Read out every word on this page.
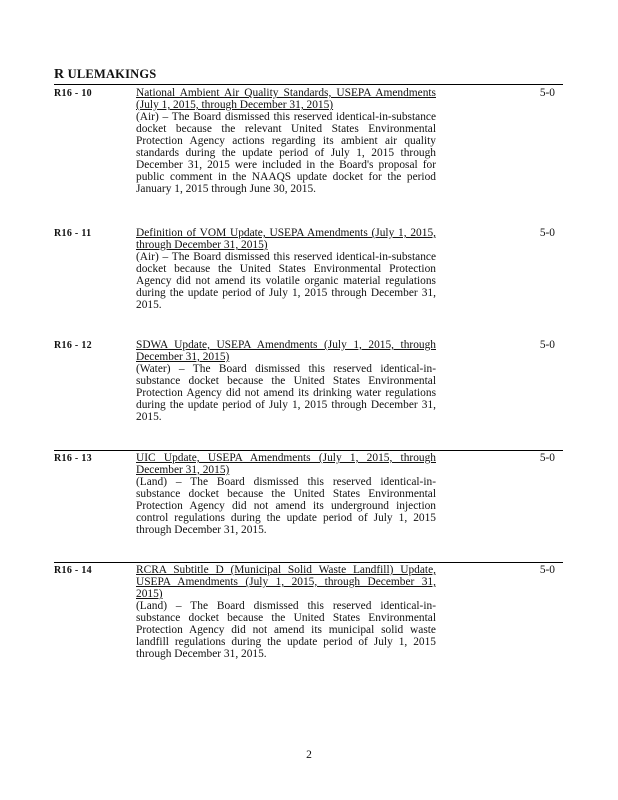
R ULEMAKINGS
R16 - 10	National Ambient Air Quality Standards, USEPA Amendments
(July 1, 2015, through December 31, 2015)
(Air) – The Board dismissed this reserved identical-in-substance
docket because the relevant United States Environmental
Protection Agency actions regarding its ambient air quality
standards during the update period of July 1, 2015 through
December 31, 2015 were included in the Board's proposal for
public comment in the NAAQS update docket for the period
January 1, 2015 through June 30, 2015.
5-0
R16 - 11	Definition of VOM Update, USEPA Amendments (July 1, 2015,
through December 31, 2015)
(Air) – The Board dismissed this reserved identical-in-substance
docket because the United States Environmental Protection
Agency did not amend its volatile organic material regulations
during the update period of July 1, 2015 through December 31,
2015.
5-0
R16 - 12	SDWA Update, USEPA Amendments (July 1, 2015, through
December 31, 2015)
(Water) – The Board dismissed this reserved identical-in-
substance docket because the United States Environmental
Protection Agency did not amend its drinking water regulations
during the update period of July 1, 2015 through December 31,
2015.
5-0
R16 - 13	UIC Update, USEPA Amendments (July 1, 2015, through
December 31, 2015)
(Land) – The Board dismissed this reserved identical-in-
substance docket because the United States Environmental
Protection Agency did not amend its underground injection
control regulations during the update period of July 1, 2015
through December 31, 2015.
5-0
R16 - 14	RCRA Subtitle D (Municipal Solid Waste Landfill) Update,
USEPA Amendments (July 1, 2015, through December 31,
2015)
(Land) – The Board dismissed this reserved identical-in-
substance docket because the United States Environmental
Protection Agency did not amend its municipal solid waste
landfill regulations during the update period of July 1, 2015
through December 31, 2015.
5-0
2
